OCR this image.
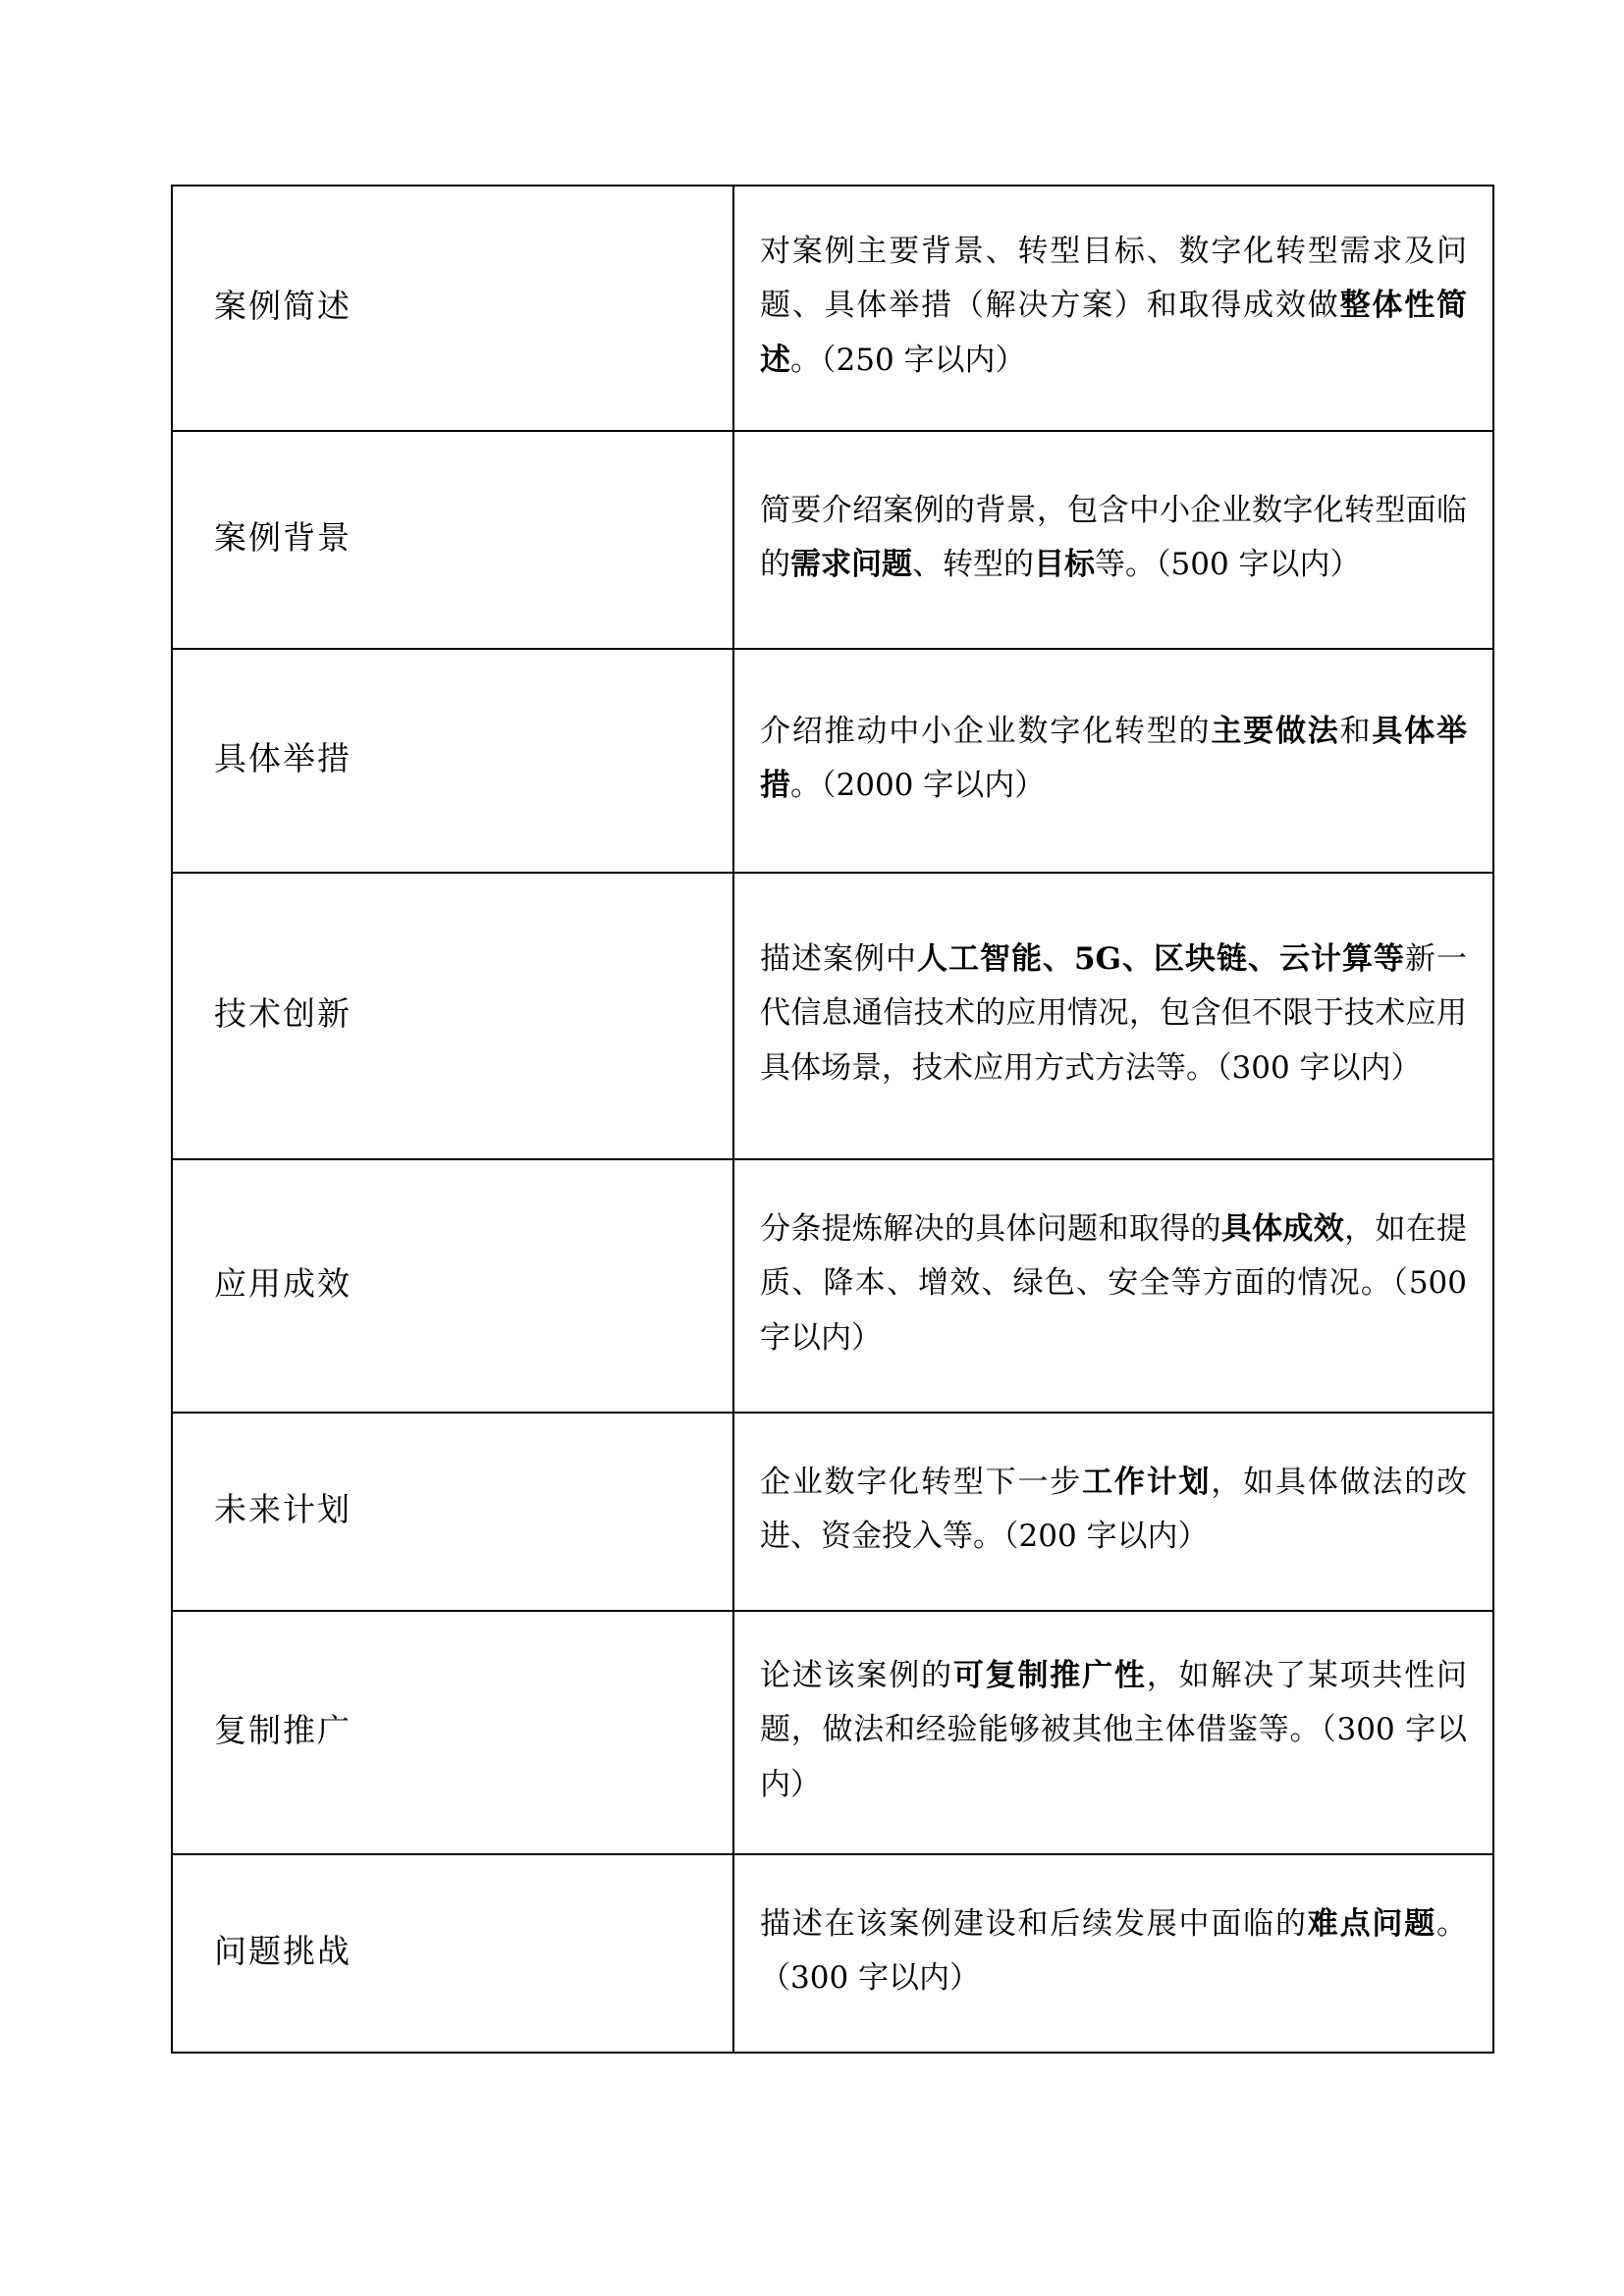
案例简述	对案例主要背景、转型目标、数字化转型需求及问题、具体举措（解决方案）和取得成效做整体性简述。（250 字以内）

案例背景	简要介绍案例的背景，包含中小企业数字化转型面临的需求问题、转型的目标等。（500 字以内）

具体举措	介绍推动中小企业数字化转型的主要做法和具体举措。（2000 字以内）

技术创新	描述案例中人工智能、5G、区块链、云计算等新一代信息通信技术的应用情况，包含但不限于技术应用具体场景，技术应用方式方法等。（300 字以内）

应用成效	分条提炼解决的具体问题和取得的具体成效，如在提质、降本、增效、绿色、安全等方面的情况。（500 字以内）

未来计划	企业数字化转型下一步工作计划，如具体做法的改进、资金投入等。（200 字以内）

复制推广	论述该案例的可复制推广性，如解决了某项共性问题，做法和经验能够被其他主体借鉴等。（300 字以内）

问题挑战	描述在该案例建设和后续发展中面临的难点问题。（300 字以内）
